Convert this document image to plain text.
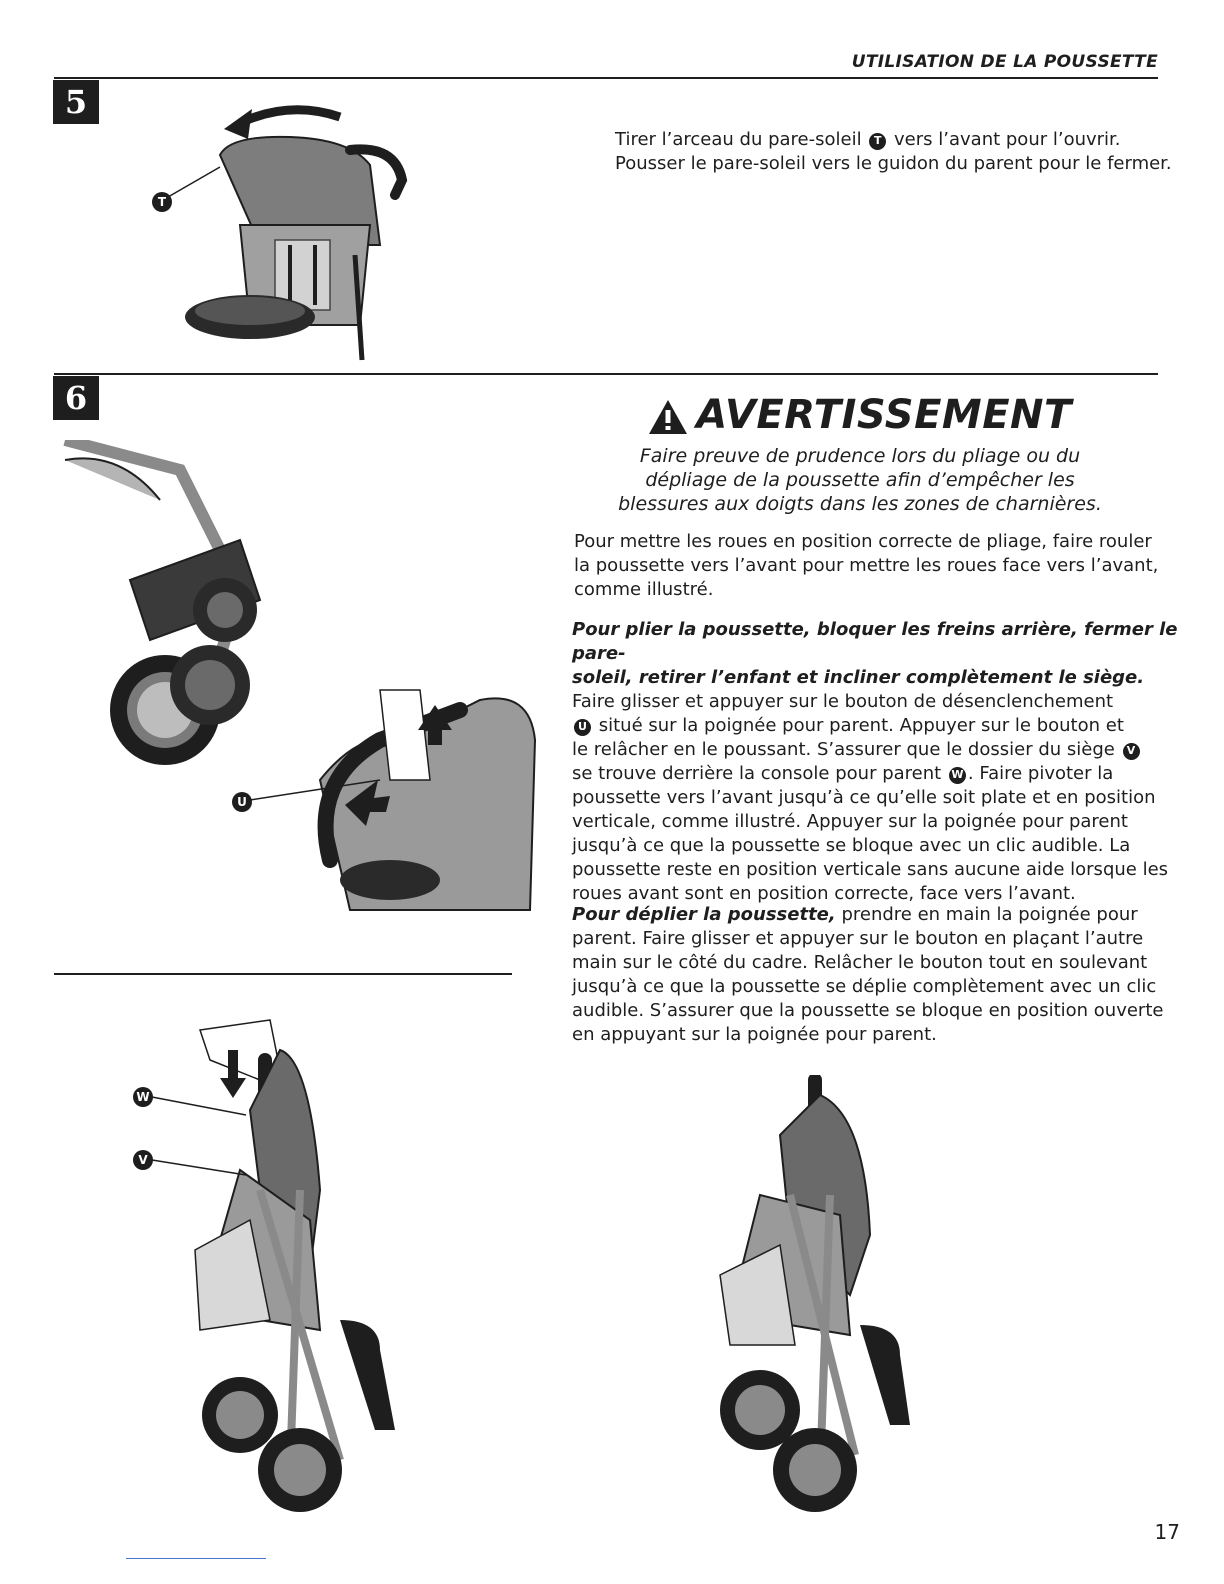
UTILISATION DE LA POUSSETTE
5
T

Tirer l’arceau du pare-soleil T vers l’avant pour l’ouvrir.

Pousser le pare-soleil vers le guidon du parent pour le fermer.

6
U
W
V
AVERTISSEMENT
Faire preuve de prudence lors du pliage ou du
dépliage de la poussette afin d’empêcher les
blessures aux doigts dans les zones de charnières.

Pour mettre les roues en position correcte de pliage, faire rouler

la poussette vers l’avant pour mettre les roues face vers l’avant,

comme illustré.

Pour plier la poussette, bloquer les freins arrière, fermer le pare-

soleil, retirer l’enfant et incliner complètement le siège.

Faire glisser et appuyer sur le bouton de désenclenchement

U situé sur la poignée pour parent. Appuyer sur le bouton et

le relâcher en le poussant. S’assurer que le dossier du siège V

se trouve derrière la console pour parent W . Faire pivoter la

poussette vers l’avant jusqu’à ce qu’elle soit plate et en position

verticale, comme illustré. Appuyer sur la poignée pour parent

jusqu’à ce que la poussette se bloque avec un clic audible. La

poussette reste en position verticale sans aucune aide lorsque les

roues avant sont en position correcte, face vers l’avant.

Pour déplier la poussette, prendre en main la poignée pour

parent. Faire glisser et appuyer sur le bouton en plaçant l’autre

main sur le côté du cadre. Relâcher le bouton tout en soulevant

jusqu’à ce que la poussette se déplie complètement avec un clic

audible. S’assurer que la poussette se bloque en position ouverte

en appuyant sur la poignée pour parent.

17
